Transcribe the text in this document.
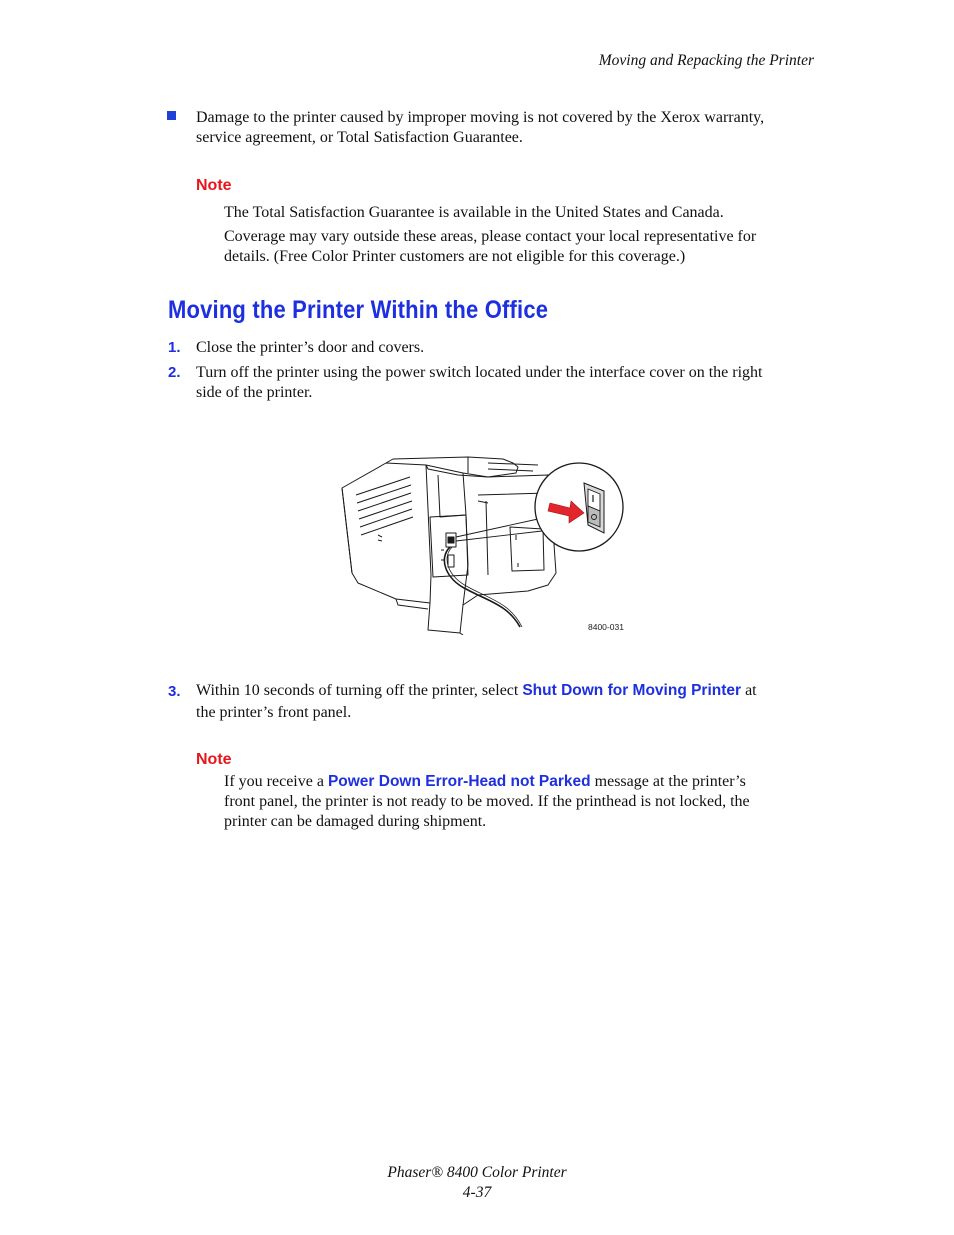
Moving and Repacking the Printer
Damage to the printer caused by improper moving is not covered by the Xerox warranty,
service agreement, or Total Satisfaction Guarantee.
Note
The Total Satisfaction Guarantee is available in the United States and Canada.
Coverage may vary outside these areas, please contact your local representative for
details. (Free Color Printer customers are not eligible for this coverage.)
Moving the Printer Within the Office
1. Close the printer’s door and covers.
2. Turn off the printer using the power switch located under the interface cover on the right
side of the printer.
8400-031
3. Within 10 seconds of turning off the printer, select Shut Down for Moving Printer at
the printer’s front panel.
Note
If you receive a Power Down Error-Head not Parked message at the printer’s
front panel, the printer is not ready to be moved. If the printhead is not locked, the
printer can be damaged during shipment.
Phaser® 8400 Color Printer
4-37
